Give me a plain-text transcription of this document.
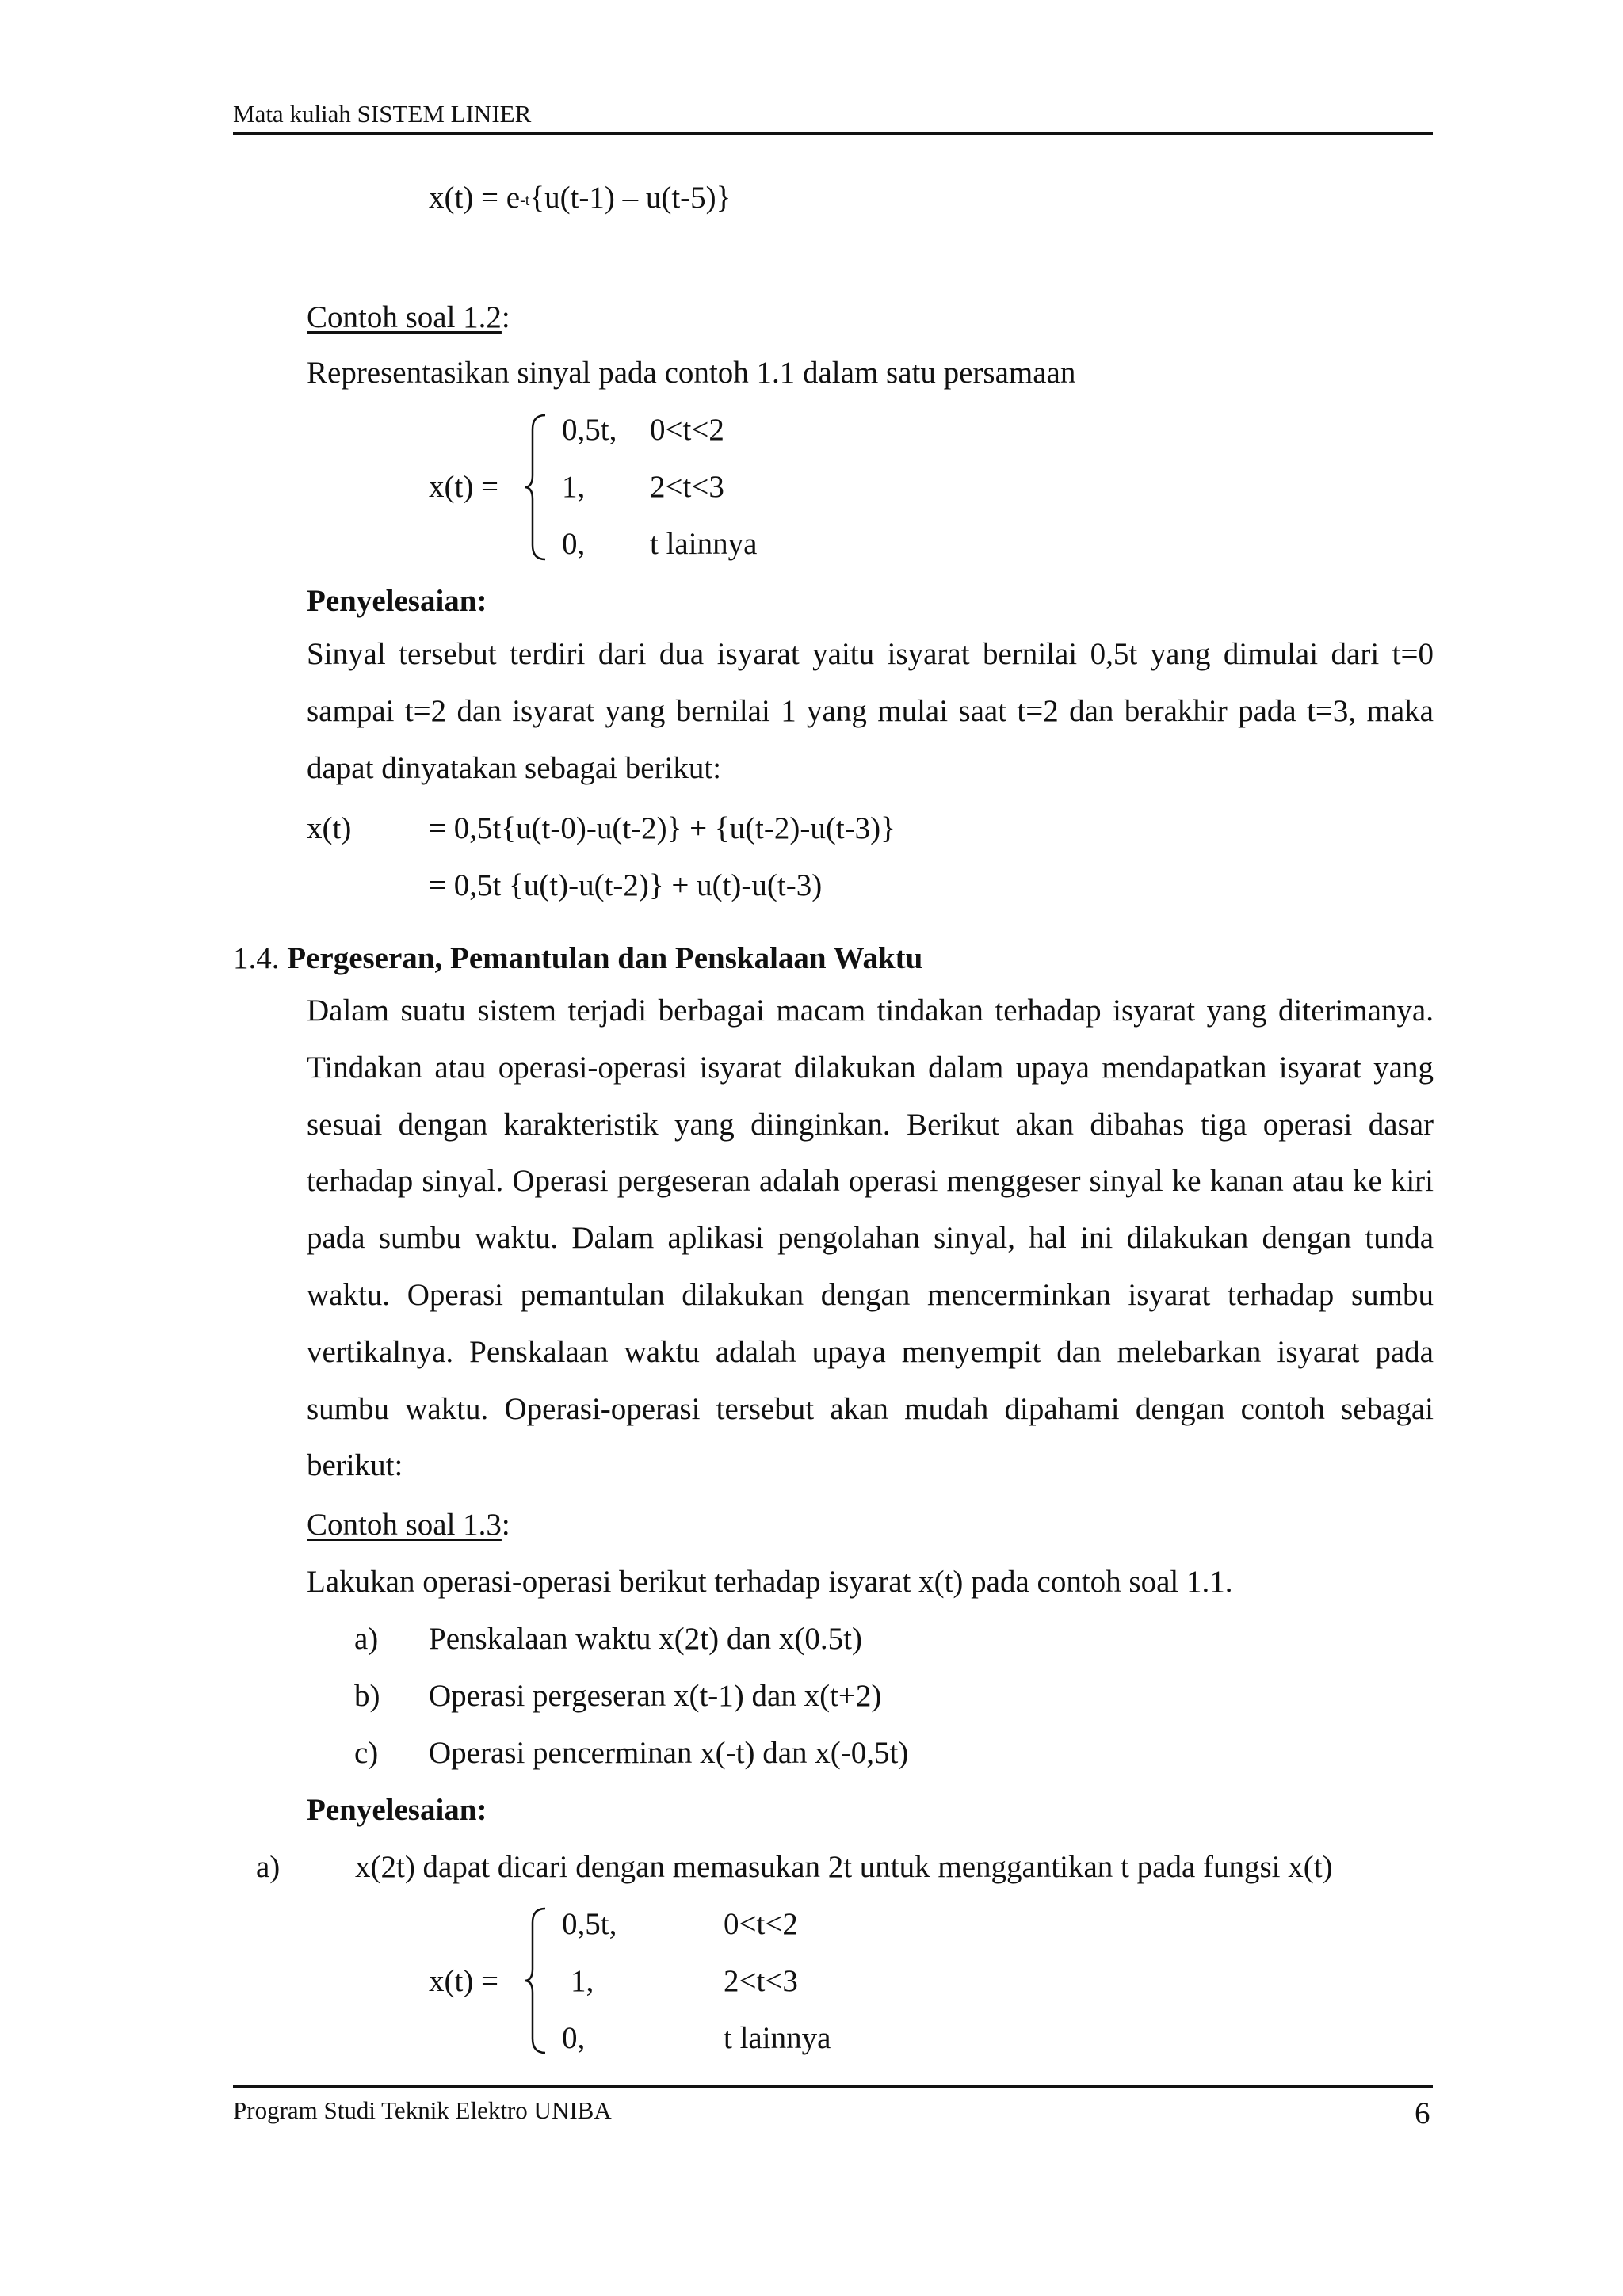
Mata kuliah SISTEM LINIER
$x(t) = e^{-t}\{u(t-1) - u(t-5)\}$
Contoh soal 1.2:
Representasikan sinyal pada contoh 1.1 dalam satu persamaan
x(t) =
0,5t, 0<t<2
1, 2<t<3
0, t lainnya
Penyelesaian:
Sinyal tersebut terdiri dari dua isyarat yaitu isyarat bernilai 0,5t yang dimulai dari t=0 sampai t=2 dan isyarat yang bernilai 1 yang mulai saat t=2 dan berakhir pada t=3, maka dapat dinyatakan sebagai berikut:
x(t)	= 0,5t{u(t-0)-u(t-2)} + {u(t-2)-u(t-3)}
= 0,5t {u(t)-u(t-2)} + u(t)-u(t-3)
1.4. Pergeseran, Pemantulan dan Penskalaan Waktu
Dalam suatu sistem terjadi berbagai macam tindakan terhadap isyarat yang diterimanya. Tindakan atau operasi-operasi isyarat dilakukan dalam upaya mendapatkan isyarat yang sesuai dengan karakteristik yang diinginkan. Berikut akan dibahas tiga operasi dasar terhadap sinyal. Operasi pergeseran adalah operasi menggeser sinyal ke kanan atau ke kiri pada sumbu waktu. Dalam aplikasi pengolahan sinyal, hal ini dilakukan dengan tunda waktu. Operasi pemantulan dilakukan dengan mencerminkan isyarat terhadap sumbu vertikalnya. Penskalaan waktu adalah upaya menyempit dan melebarkan isyarat pada sumbu waktu. Operasi-operasi tersebut akan mudah dipahami dengan contoh sebagai berikut:
Contoh soal 1.3:
Lakukan operasi-operasi berikut terhadap isyarat x(t) pada contoh soal 1.1.
a) Penskalaan waktu x(2t) dan x(0.5t)
b) Operasi pergeseran x(t-1) dan x(t+2)
c) Operasi pencerminan x(-t) dan x(-0,5t)
Penyelesaian:
a) x(2t) dapat dicari dengan memasukan 2t untuk menggantikan t pada fungsi x(t)
x(t) =
0,5t,	0<t<2
1,	2<t<3
0,	t lainnya
Program Studi Teknik Elektro UNIBA	6
